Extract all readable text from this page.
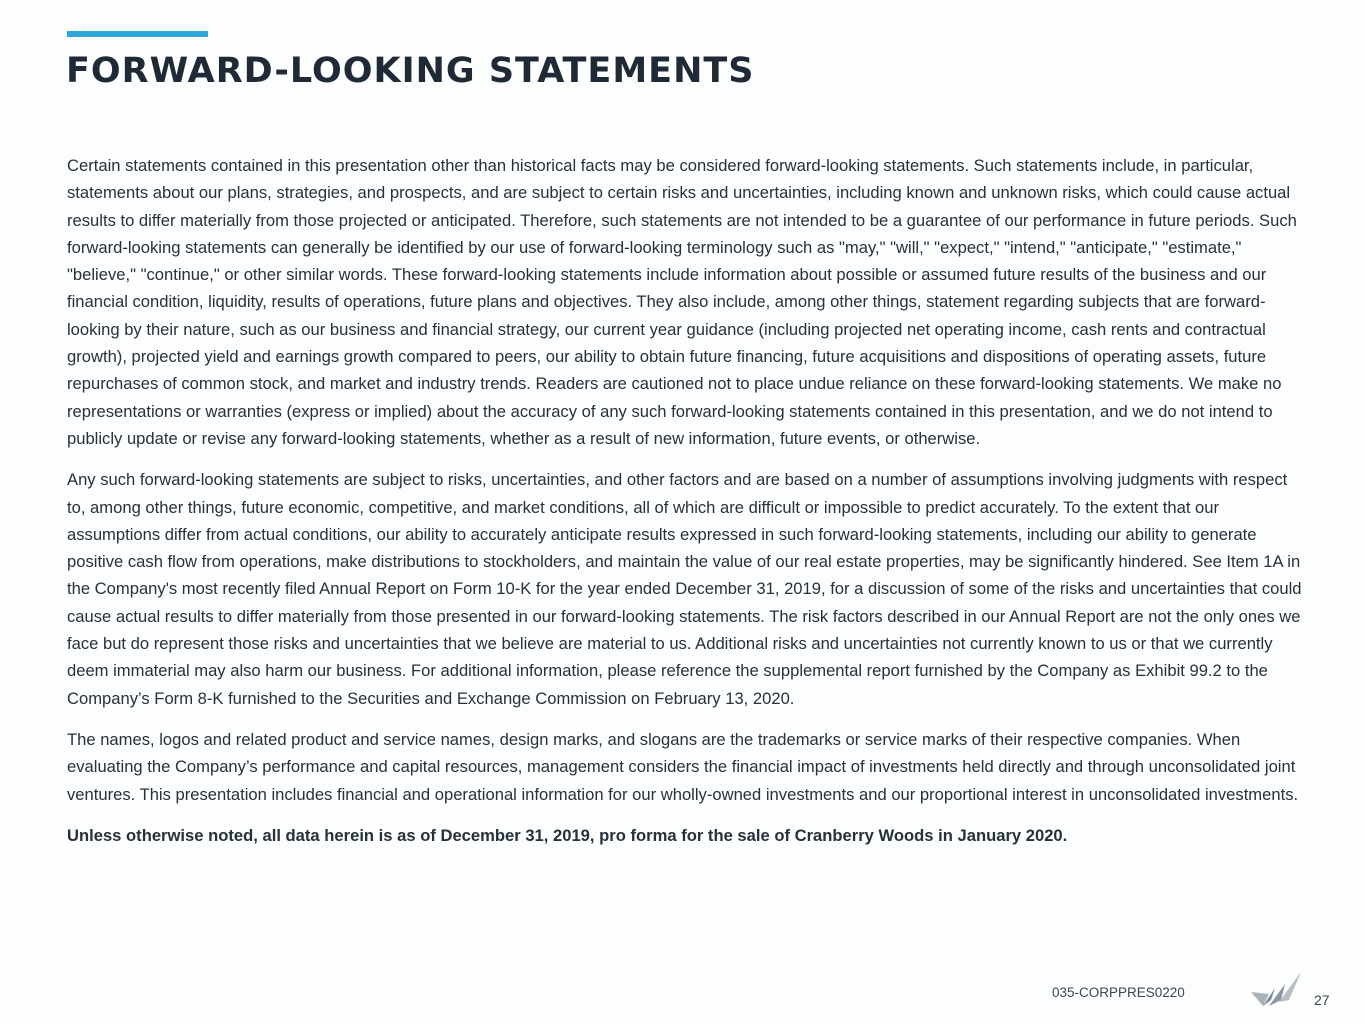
FORWARD-LOOKING STATEMENTS

Certain statements contained in this presentation other than historical facts may be considered forward-looking statements. Such statements include, in particular, statements about our plans, strategies, and prospects, and are subject to certain risks and uncertainties, including known and unknown risks, which could cause actual results to differ materially from those projected or anticipated. Therefore, such statements are not intended to be a guarantee of our performance in future periods. Such forward-looking statements can generally be identified by our use of forward-looking terminology such as "may," "will," "expect," "intend," "anticipate," "estimate," "believe," "continue," or other similar words. These forward-looking statements include information about possible or assumed future results of the business and our financial condition, liquidity, results of operations, future plans and objectives. They also include, among other things, statement regarding subjects that are forward-looking by their nature, such as our business and financial strategy, our current year guidance (including projected net operating income, cash rents and contractual growth), projected yield and earnings growth compared to peers, our ability to obtain future financing, future acquisitions and dispositions of operating assets, future repurchases of common stock, and market and industry trends. Readers are cautioned not to place undue reliance on these forward-looking statements. We make no representations or warranties (express or implied) about the accuracy of any such forward-looking statements contained in this presentation, and we do not intend to publicly update or revise any forward-looking statements, whether as a result of new information, future events, or otherwise.

Any such forward-looking statements are subject to risks, uncertainties, and other factors and are based on a number of assumptions involving judgments with respect to, among other things, future economic, competitive, and market conditions, all of which are difficult or impossible to predict accurately. To the extent that our assumptions differ from actual conditions, our ability to accurately anticipate results expressed in such forward-looking statements, including our ability to generate positive cash flow from operations, make distributions to stockholders, and maintain the value of our real estate properties, may be significantly hindered. See Item 1A in the Company's most recently filed Annual Report on Form 10-K for the year ended December 31, 2019, for a discussion of some of the risks and uncertainties that could cause actual results to differ materially from those presented in our forward-looking statements. The risk factors described in our Annual Report are not the only ones we face but do represent those risks and uncertainties that we believe are material to us. Additional risks and uncertainties not currently known to us or that we currently deem immaterial may also harm our business. For additional information, please reference the supplemental report furnished by the Company as Exhibit 99.2 to the Company’s Form 8-K furnished to the Securities and Exchange Commission on February 13, 2020.

The names, logos and related product and service names, design marks, and slogans are the trademarks or service marks of their respective companies. When evaluating the Company’s performance and capital resources, management considers the financial impact of investments held directly and through unconsolidated joint ventures. This presentation includes financial and operational information for our wholly-owned investments and our proportional interest in unconsolidated investments.

Unless otherwise noted, all data herein is as of December 31, 2019, pro forma for the sale of Cranberry Woods in January 2020.

035-CORPPRES0220	27
